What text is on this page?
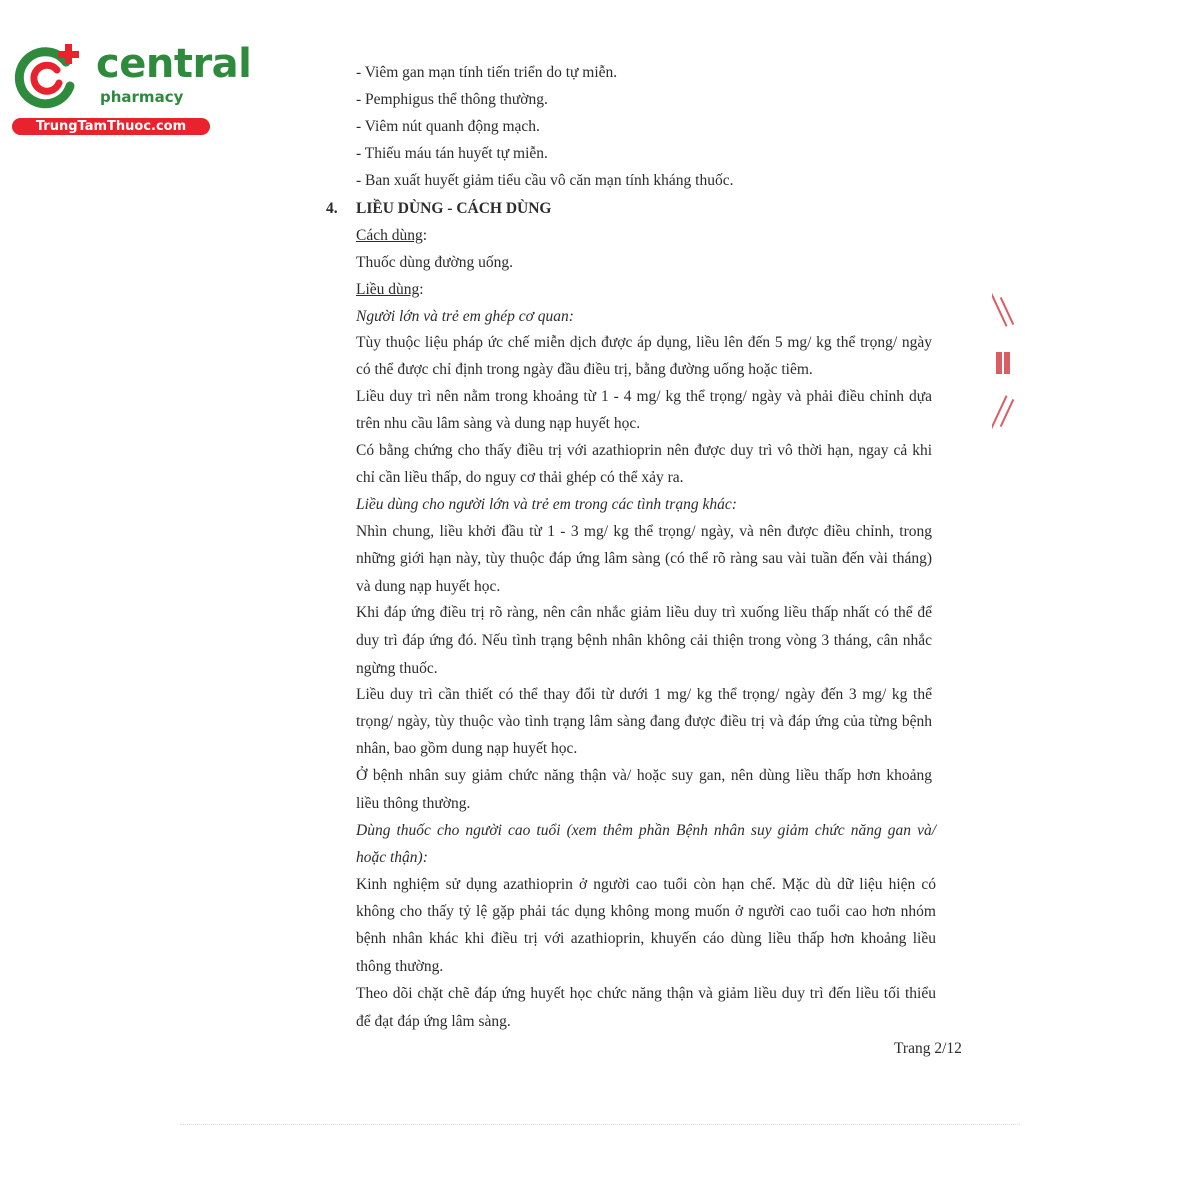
central
pharmacy
TrungTamThuoc.com
- Viêm gan mạn tính tiến triển do tự miễn.
- Pemphigus thể thông thường.
- Viêm nút quanh động mạch.
- Thiếu máu tán huyết tự miễn.
- Ban xuất huyết giảm tiểu cầu vô căn mạn tính kháng thuốc.
4. LIỀU DÙNG - CÁCH DÙNG
Cách dùng:
Thuốc dùng đường uống.
Liều dùng:
Người lớn và trẻ em ghép cơ quan:
Tùy thuộc liệu pháp ức chế miễn dịch được áp dụng, liều lên đến 5 mg/ kg thể trọng/ ngày
có thể được chỉ định trong ngày đầu điều trị, bằng đường uống hoặc tiêm.
Liều duy trì nên nằm trong khoảng từ 1 - 4 mg/ kg thể trọng/ ngày và phải điều chỉnh dựa
trên nhu cầu lâm sàng và dung nạp huyết học.
Có bằng chứng cho thấy điều trị với azathioprin nên được duy trì vô thời hạn, ngay cả khi
chỉ cần liều thấp, do nguy cơ thải ghép có thể xảy ra.
Liều dùng cho người lớn và trẻ em trong các tình trạng khác:
Nhìn chung, liều khởi đầu từ 1 - 3 mg/ kg thể trọng/ ngày, và nên được điều chỉnh, trong
những giới hạn này, tùy thuộc đáp ứng lâm sàng (có thể rõ ràng sau vài tuần đến vài tháng)
và dung nạp huyết học.
Khi đáp ứng điều trị rõ ràng, nên cân nhắc giảm liều duy trì xuống liều thấp nhất có thể để
duy trì đáp ứng đó. Nếu tình trạng bệnh nhân không cải thiện trong vòng 3 tháng, cân nhắc
ngừng thuốc.
Liều duy trì cần thiết có thể thay đổi từ dưới 1 mg/ kg thể trọng/ ngày đến 3 mg/ kg thể
trọng/ ngày, tùy thuộc vào tình trạng lâm sàng đang được điều trị và đáp ứng của từng bệnh
nhân, bao gồm dung nạp huyết học.
Ở bệnh nhân suy giảm chức năng thận và/ hoặc suy gan, nên dùng liều thấp hơn khoảng
liều thông thường.
Dùng thuốc cho người cao tuổi (xem thêm phần Bệnh nhân suy giảm chức năng gan và/
hoặc thận):
Kinh nghiệm sử dụng azathioprin ở người cao tuổi còn hạn chế. Mặc dù dữ liệu hiện có
không cho thấy tỷ lệ gặp phải tác dụng không mong muốn ở người cao tuổi cao hơn nhóm
bệnh nhân khác khi điều trị với azathioprin, khuyến cáo dùng liều thấp hơn khoảng liều
thông thường.
Theo dõi chặt chẽ đáp ứng huyết học chức năng thận và giảm liều duy trì đến liều tối thiểu
để đạt đáp ứng lâm sàng.
Trang 2/12
